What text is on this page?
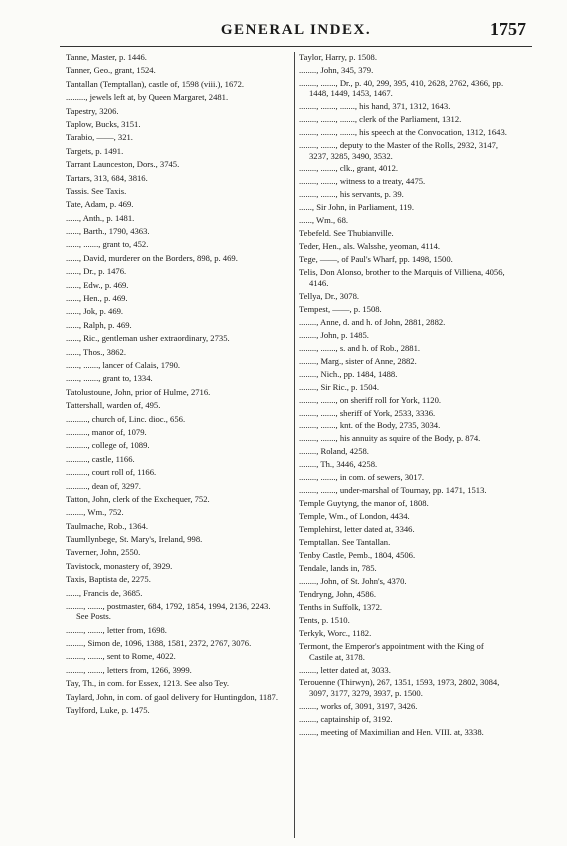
GENERAL INDEX.	1757
Tanne, Master, p. 1446.
Tanner, Geo., grant, 1524.
Tantallan (Temptallan), castle of, 1598 (viii.), 1672.
........., jewels left at, by Queen Margaret, 2481.
Tapestry, 3206.
Taplow, Bucks, 3151.
Tarabio, ——, 321.
Targets, p. 1491.
Tarrant Launceston, Dors., 3745.
Tartars, 313, 684, 3816.
Tassis. See Taxis.
Tate, Adam, p. 469.
......, Anth., p. 1481.
......, Barth., 1790, 4363.
......, ......., grant to, 452.
......, David, murderer on the Borders, 898, p. 469.
......, Dr., p. 1476.
......, Edw., p. 469.
......, Hen., p. 469.
......, Jok, p. 469.
......, Ralph, p. 469.
......, Ric., gentleman usher extraordinary, 2735.
......, Thos., 3862.
......, ......., lancer of Calais, 1790.
......, ......., grant to, 1334.
Tatolustoune, John, prior of Hulme, 2716.
Tattershall, warden of, 495.
.........., church of, Linc. dioc., 656.
.........., manor of, 1079.
.........., college of, 1089.
.........., castle, 1166.
.........., court roll of, 1166.
.........., dean of, 3297.
Tatton, John, clerk of the Exchequer, 752.
........, Wm., 752.
Taulmache, Rob., 1364.
Taumllynbege, St. Mary's, Ireland, 998.
Taverner, John, 2550.
Tavistock, monastery of, 3929.
Taxis, Baptista de, 2275.
......, Francis de, 3685.
........, ......., postmaster, 684, 1792, 1854, 1994, 2136, 2243. See Posts.
........, ......., letter from, 1698.
........, Simon de, 1096, 1388, 1581, 2372, 2767, 3076.
........, ......., sent to Rome, 4022.
........, ......., letters from, 1266, 3999.
Tay, Th., in com. for Essex, 1213. See also Tey.
Taylard, John, in com. of gaol delivery for Huntingdon, 1187.
Taylford, Luke, p. 1475.
Taylor, Harry, p. 1508.
........, John, 345, 379.
........, ......., Dr., p. 40, 299, 395, 410, 2628, 2762, 4366, pp. 1448, 1449, 1453, 1467.
........, ......., ......., his hand, 371, 1312, 1643.
........, ......., ......., clerk of the Parliament, 1312.
........, ......., ......., his speech at the Convocation, 1312, 1643.
........, ......., deputy to the Master of the Rolls, 2932, 3147, 3237, 3285, 3490, 3532.
........, ......., clk., grant, 4012.
........, ......., witness to a treaty, 4475.
........, ......., his servants, p. 39.
......, Sir John, in Parliament, 119.
......, Wm., 68.
Tebefeld. See Thubianville.
Teder, Hen., als. Walsshe, yeoman, 4114.
Tege, ——, of Paul's Wharf, pp. 1498, 1500.
Telis, Don Alonso, brother to the Marquis of Villiena, 4056, 4146.
Tellya, Dr., 3078.
Tempest, ——, p. 1508.
........, Anne, d. and h. of John, 2881, 2882.
........, John, p. 1485.
........, ......., s. and h. of Rob., 2881.
........, Marg., sister of Anne, 2882.
........, Nich., pp. 1484, 1488.
........, Sir Ric., p. 1504.
........, ......., on sheriff roll for York, 1120.
........, ......., sheriff of York, 2533, 3336.
........, ......., knt. of the Body, 2735, 3034.
........, ......., his annuity as squire of the Body, p. 874.
........, Roland, 4258.
........, Th., 3446, 4258.
........, ......., in com. of sewers, 3017.
........, ......., under-marshal of Tournay, pp. 1471, 1513.
Temple Guytyng, the manor of, 1808.
Temple, Wm., of London, 4434.
Templehirst, letter dated at, 3346.
Temptallan. See Tantallan.
Tenby Castle, Pemb., 1804, 4506.
Tendale, lands in, 785.
........, John, of St. John's, 4370.
Tendryng, John, 4586.
Tenths in Suffolk, 1372.
Tents, p. 1510.
Terkyk, Worc., 1182.
Termont, the Emperor's appointment with the King of Castile at, 3178.
........, letter dated at, 3033.
Terouenne (Thirwyn), 267, 1351, 1593, 1973, 2802, 3084, 3097, 3177, 3279, 3937, p. 1500.
........, works of, 3091, 3197, 3426.
........, captainship of, 3192.
........, meeting of Maximilian and Hen. VIII. at, 3338.
